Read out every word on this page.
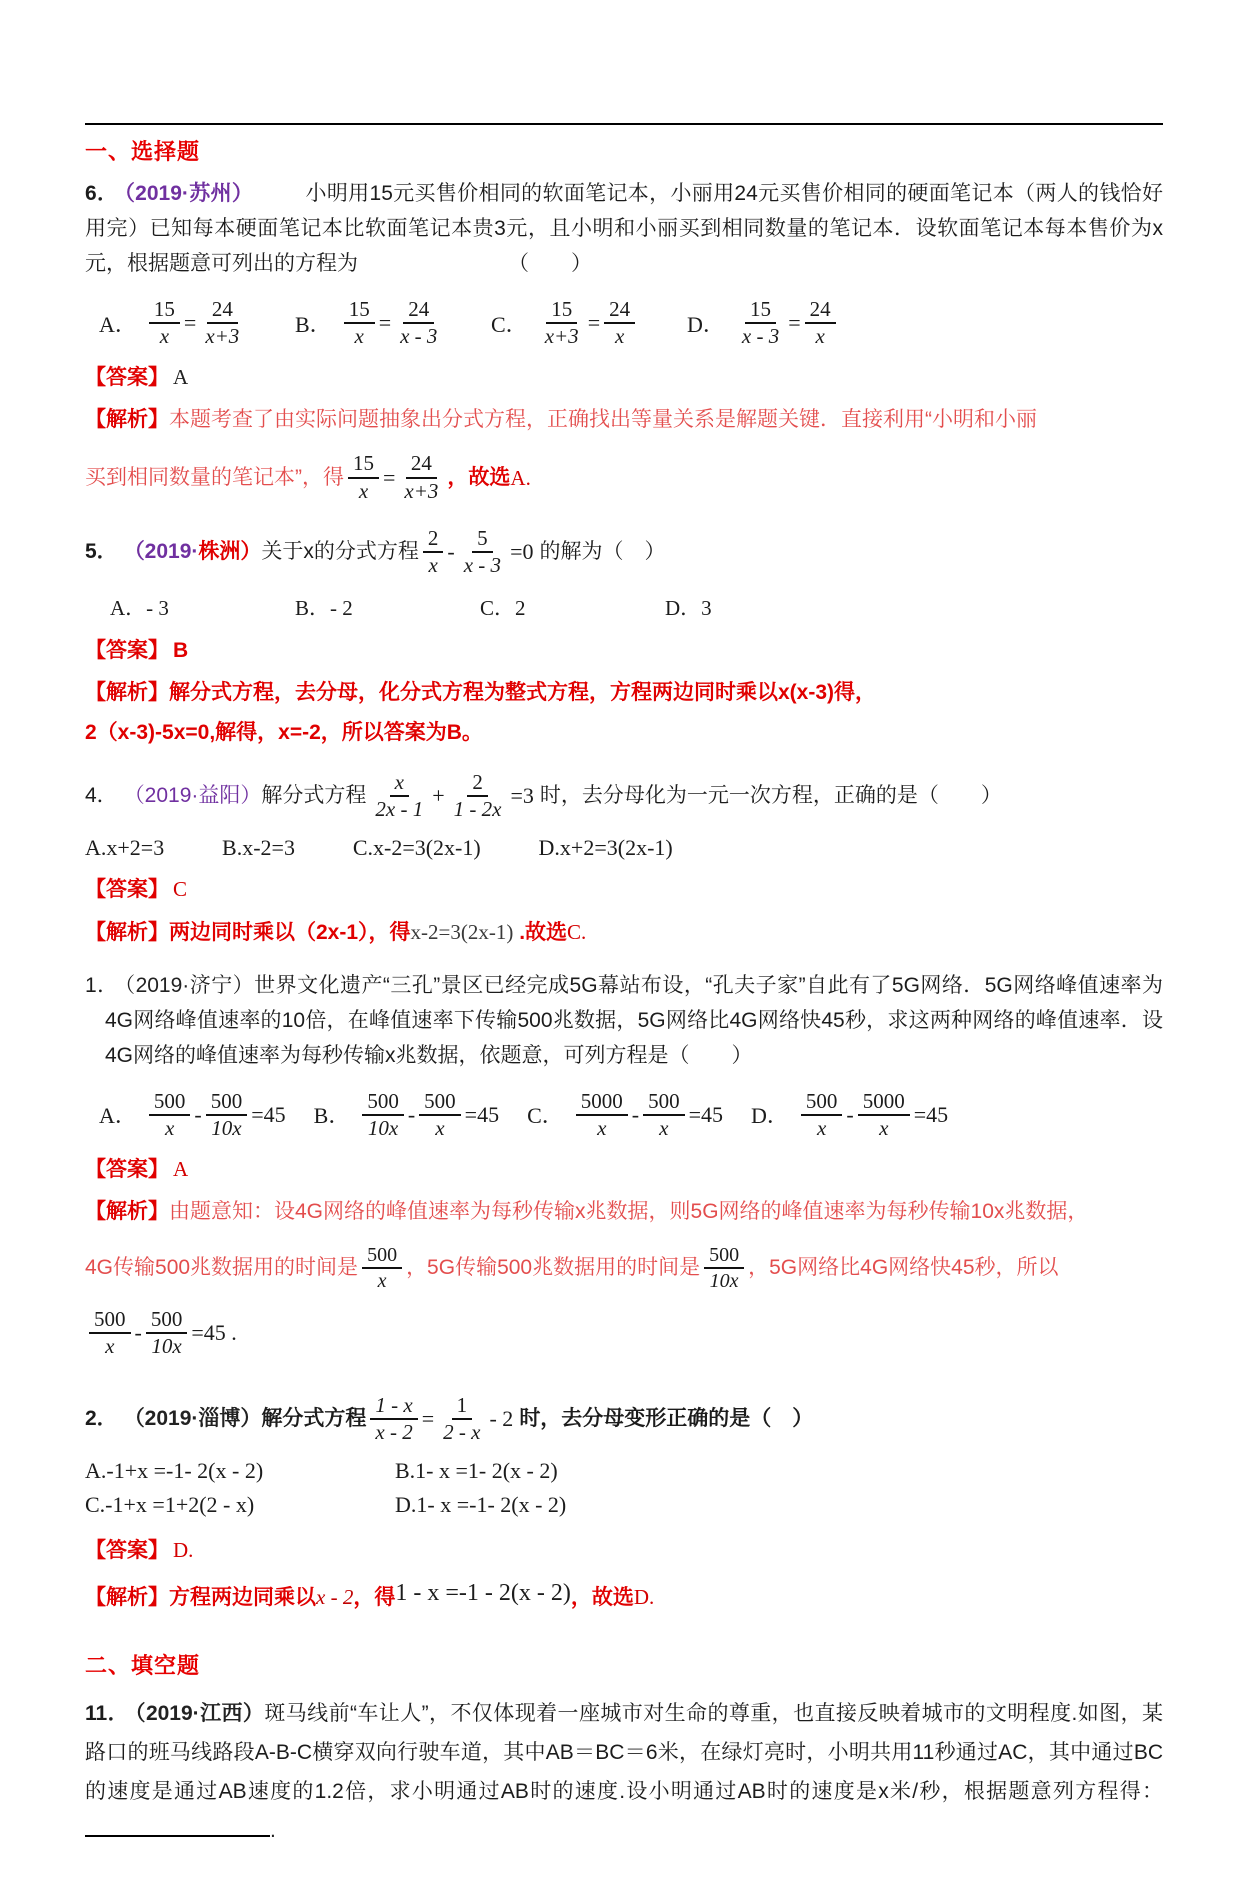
一、选择题
6． （2019·苏州） 小明用15元买售价相同的软面笔记本，小丽用24元买售价相同的硬面笔记本（两人的钱恰好用完）已知每本硬面笔记本比软面笔记本贵3元，且小明和小丽买到相同数量的笔记本．设软面笔记本每本售价为x元，根据题意可列出的方程为	（　　）
A． $\frac{15}{x} = \frac{24}{x+3}$ B． $\frac{15}{x} = \frac{24}{x - 3}$ C． $\frac{15}{x+3} = \frac{24}{x}$ D． $\frac{15}{x - 3} = \frac{24}{x}$
【答案】 A
【解析】本题考查了由实际问题抽象出分式方程，正确找出等量关系是解题关键．直接利用“小明和小丽
买到相同数量的笔记本”，得 $\frac{15}{x} = \frac{24}{x+3}$ ，故选 A.
5． （2019· 株洲） 关于x的分式方程 $\frac{2}{x} - \frac{5}{x - 3} =0$ 的解为（　）
A．- 3	B．- 2	C．2	D．3
【答案】 B
【解析】解分式方程，去分母，化分式方程为整式方程，方程两边同时乘以x(x-3)得，
2（x-3)-5x=0,解得，x=-2，所以答案为B。
4． （2019·益阳） 解分式方程 $\frac{x}{2x - 1} + \frac{2}{1 - 2x} =3$ 时，去分母化为一元一次方程，正确的是（　　）
A.x+2=3	B.x-2=3	C.x-2=3(2x-1)	D.x+2=3(2x-1)
【答案】 C
【解析】两边同时乘以（2x-1），得x-2=3(2x-1) .故选C.
1． （2019·济宁）世界文化遗产“三孔”景区已经完成5G幕站布设，“孔夫子家”自此有了5G网络．5G网络峰值速率为4G网络峰值速率的10倍，在峰值速率下传输500兆数据，5G网络比4G网络快45秒，求这两种网络的峰值速率．设4G网络的峰值速率为每秒传输x兆数据，依题意，可列方程是（　　）
A． $\frac{500}{x} - \frac{500}{10x} =45$ B． $\frac{500}{10x} - \frac{500}{x} =45$ C． $\frac{5000}{x} - \frac{500}{x} =45$ D． $\frac{500}{x} - \frac{5000}{x} =45$
【答案】 A
【解析】由题意知：设4G网络的峰值速率为每秒传输x兆数据，则5G网络的峰值速率为每秒传输10x兆数据，
4G传输500兆数据用的时间是 $\frac{500}{x}$ ，5G传输500兆数据用的时间是 $\frac{500}{10x}$ ，5G网络比4G网络快45秒，所以
$\frac{500}{x} - \frac{500}{10x} =45$ .
2． （2019·淄博） 解分式方程 $\frac{1 - x}{x - 2} = \frac{1}{2 - x} - 2$ 时，去分母变形正确的是（　）
A.-1+x =-1- 2(x - 2)	B.1- x =1- 2(x - 2)
C.-1+x =1+2(2 - x)	D.1- x =-1- 2(x - 2)
【答案】 D.
【解析】方程两边同乘以x - 2，得1 - x =-1 - 2(x - 2)，故选D.
二、填空题
11． （2019·江西）斑马线前“车让人”，不仅体现着一座城市对生命的尊重，也直接反映着城市的文明程度.如图，某路口的班马线路段A-B-C横穿双向行驶车道，其中AB＝BC＝6米，在绿灯亮时，小明共用11秒通过AC，其中通过BC的速度是通过AB速度的1.2倍，求小明通过AB时的速度.设小明通过AB时的速度是x米/秒，根据题意列方程得：.
